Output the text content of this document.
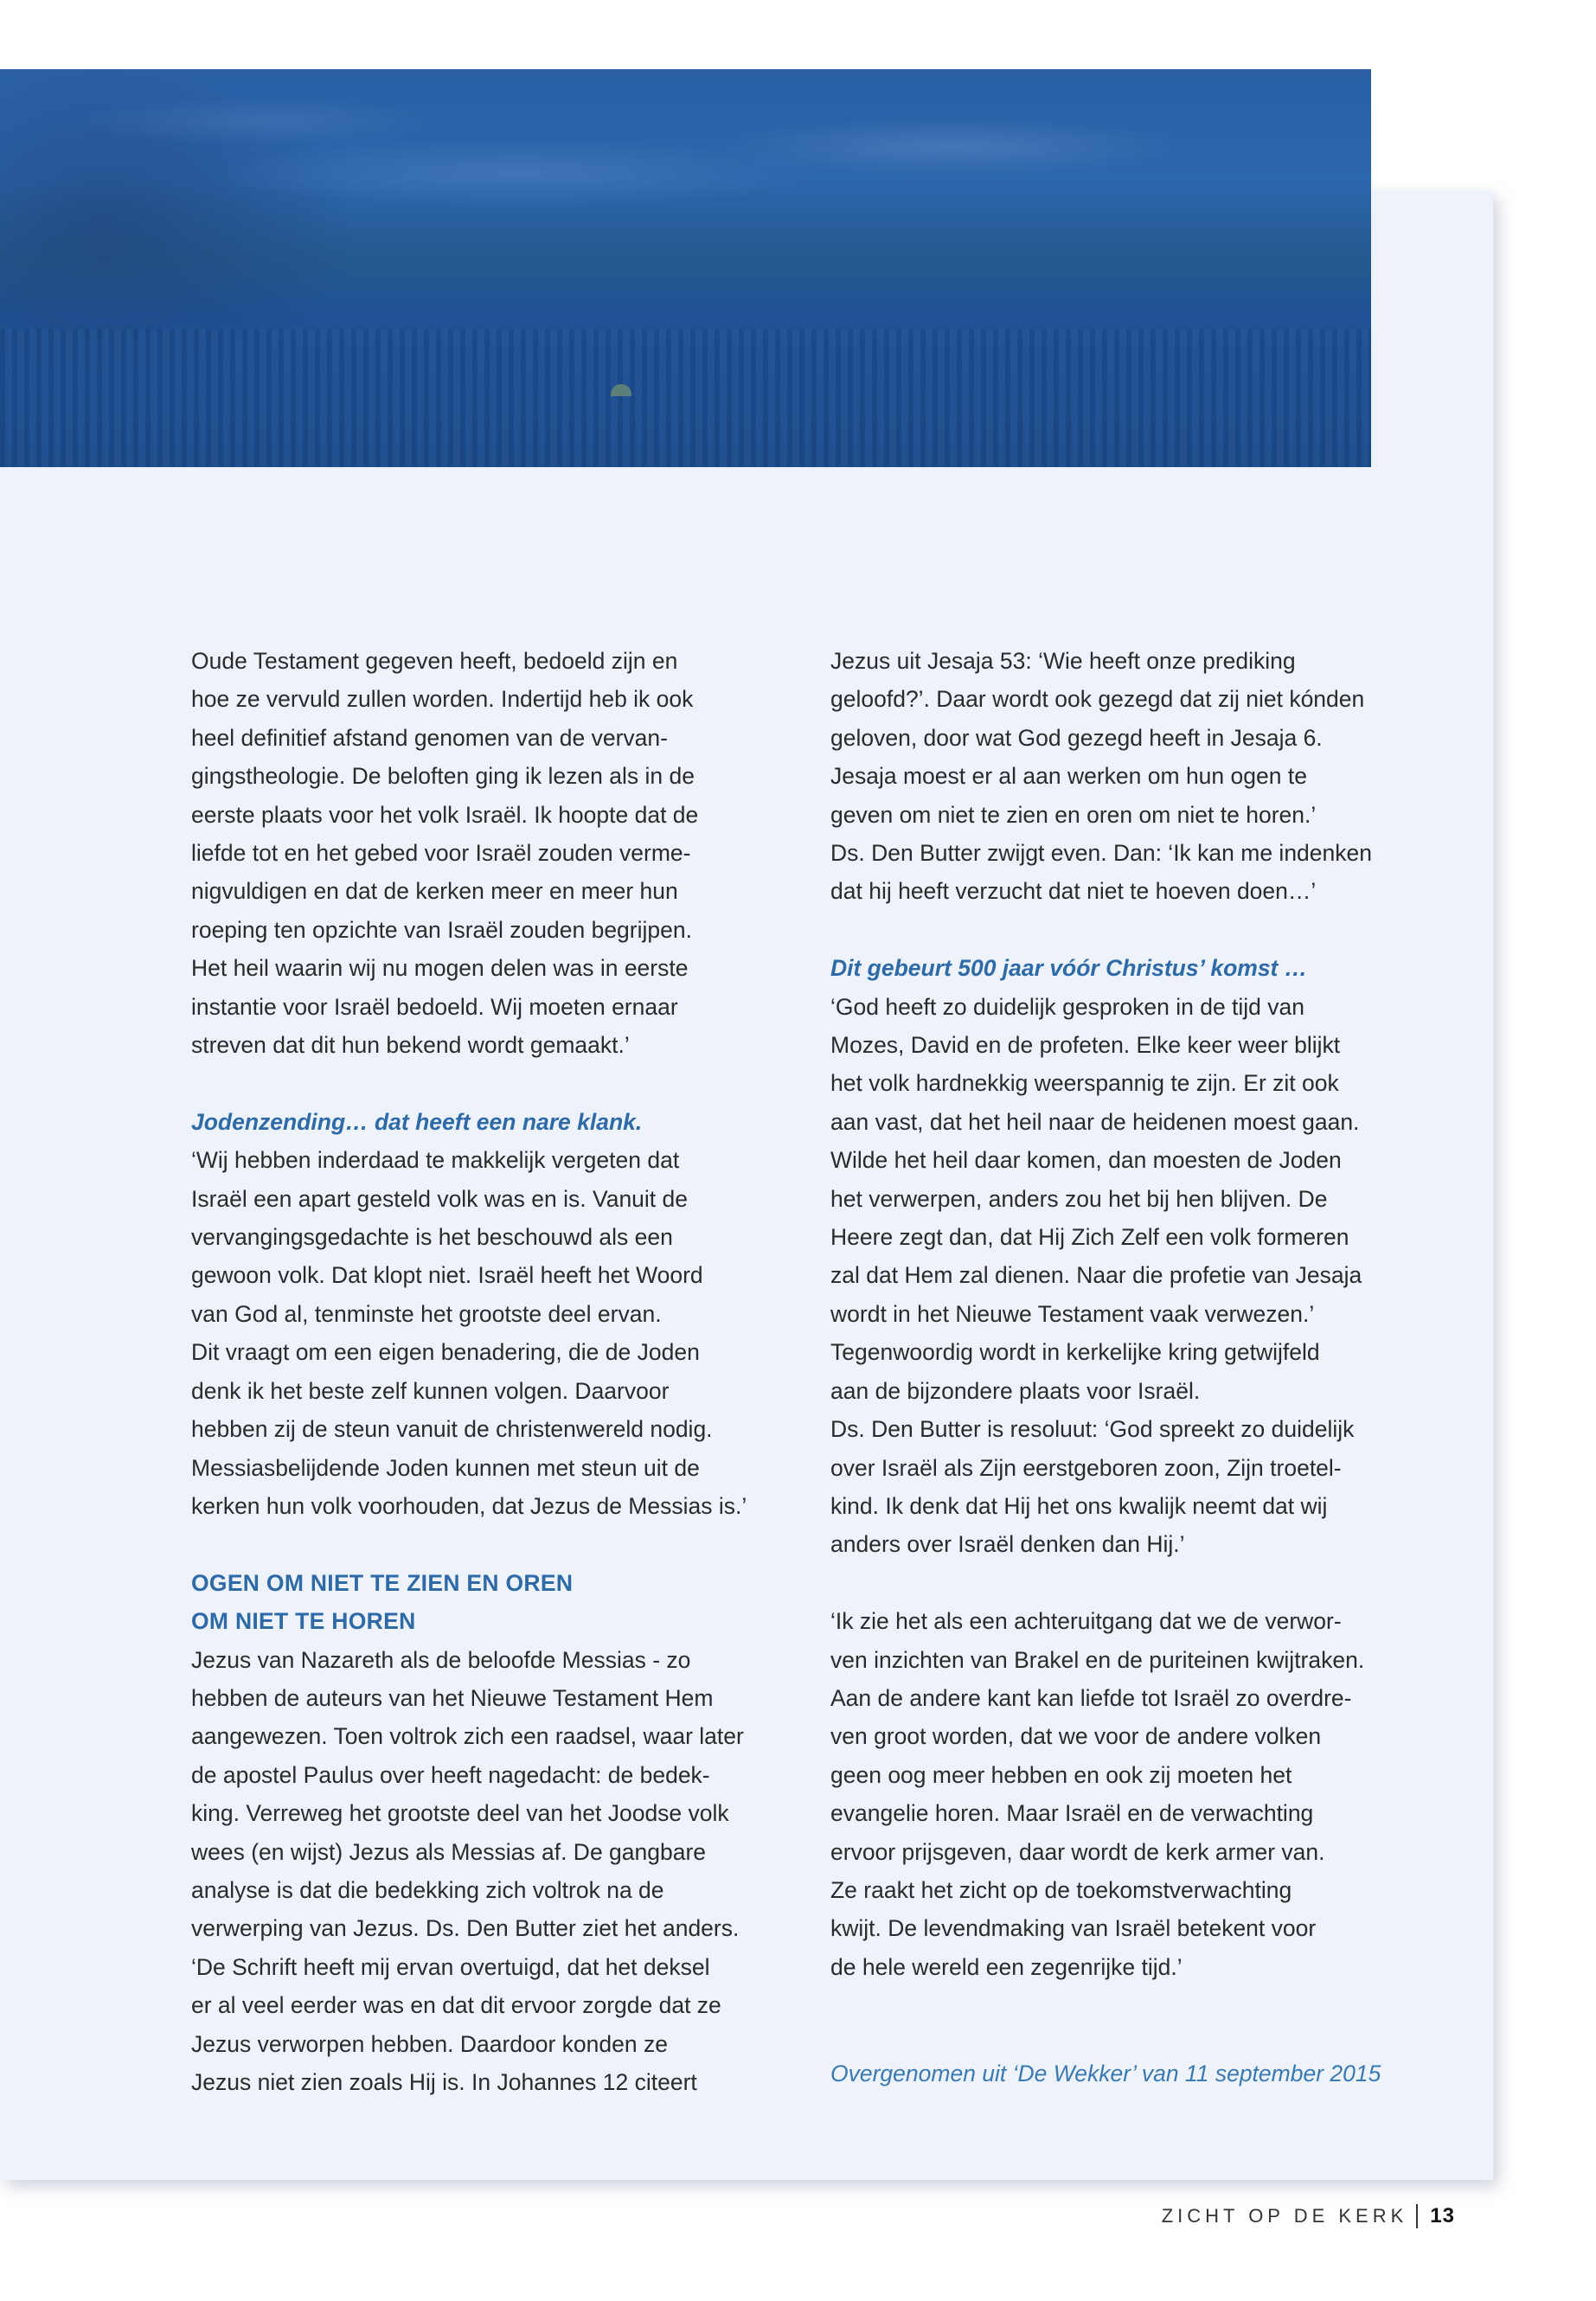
Oude Testament gegeven heeft, bedoeld zijn en

hoe ze vervuld zullen worden. Indertijd heb ik ook

heel definitief afstand genomen van de vervan-

gingstheologie. De beloften ging ik lezen als in de

eerste plaats voor het volk Israël. Ik hoopte dat de

liefde tot en het gebed voor Israël zouden verme-

nigvuldigen en dat de kerken meer en meer hun

roeping ten opzichte van Israël zouden begrijpen.

Het heil waarin wij nu mogen delen was in eerste

instantie voor Israël bedoeld. Wij moeten ernaar

streven dat dit hun bekend wordt gemaakt.’

Jodenzending… dat heeft een nare klank.

‘Wij hebben inderdaad te makkelijk vergeten dat

Israël een apart gesteld volk was en is. Vanuit de

vervangingsgedachte is het beschouwd als een

gewoon volk. Dat klopt niet. Israël heeft het Woord

van God al, tenminste het grootste deel ervan.

Dit vraagt om een eigen benadering, die de Joden

denk ik het beste zelf kunnen volgen. Daarvoor

hebben zij de steun vanuit de christenwereld nodig.

Messiasbelijdende Joden kunnen met steun uit de

kerken hun volk voorhouden, dat Jezus de Messias is.’

OGEN OM NIET TE ZIEN EN OREN

OM NIET TE HOREN

Jezus van Nazareth als de beloofde Messias - zo

hebben de auteurs van het Nieuwe Testament Hem

aangewezen. Toen voltrok zich een raadsel, waar later

de apostel Paulus over heeft nagedacht: de bedek-

king. Verreweg het grootste deel van het Joodse volk

wees (en wijst) Jezus als Messias af. De gangbare

analyse is dat die bedekking zich voltrok na de

verwerping van Jezus. Ds. Den Butter ziet het anders.

‘De Schrift heeft mij ervan overtuigd, dat het deksel

er al veel eerder was en dat dit ervoor zorgde dat ze

Jezus verworpen hebben. Daardoor konden ze

Jezus niet zien zoals Hij is. In Johannes 12 citeert

Jezus uit Jesaja 53: ‘Wie heeft onze prediking

geloofd?’. Daar wordt ook gezegd dat zij niet kónden

geloven, door wat God gezegd heeft in Jesaja 6.

Jesaja moest er al aan werken om hun ogen te

geven om niet te zien en oren om niet te horen.’

Ds. Den Butter zwijgt even. Dan: ‘Ik kan me indenken

dat hij heeft verzucht dat niet te hoeven doen…’

Dit gebeurt 500 jaar vóór Christus’ komst …

‘God heeft zo duidelijk gesproken in de tijd van

Mozes, David en de profeten. Elke keer weer blijkt

het volk hardnekkig weerspannig te zijn. Er zit ook

aan vast, dat het heil naar de heidenen moest gaan.

Wilde het heil daar komen, dan moesten de Joden

het verwerpen, anders zou het bij hen blijven. De

Heere zegt dan, dat Hij Zich Zelf een volk formeren

zal dat Hem zal dienen. Naar die profetie van Jesaja

wordt in het Nieuwe Testament vaak verwezen.’

Tegenwoordig wordt in kerkelijke kring getwijfeld

aan de bijzondere plaats voor Israël.

Ds. Den Butter is resoluut: ‘God spreekt zo duidelijk

over Israël als Zijn eerstgeboren zoon, Zijn troetel-

kind. Ik denk dat Hij het ons kwalijk neemt dat wij

anders over Israël denken dan Hij.’

‘Ik zie het als een achteruitgang dat we de verwor-

ven inzichten van Brakel en de puriteinen kwijtraken.

Aan de andere kant kan liefde tot Israël zo overdre-

ven groot worden, dat we voor de andere volken

geen oog meer hebben en ook zij moeten het

evangelie horen. Maar Israël en de verwachting

ervoor prijsgeven, daar wordt de kerk armer van.

Ze raakt het zicht op de toekomstverwachting

kwijt. De levendmaking van Israël betekent voor

de hele wereld een zegenrijke tijd.’

Overgenomen uit ‘De Wekker’ van 11 september 2015
ZICHT OP DE KERK 13
